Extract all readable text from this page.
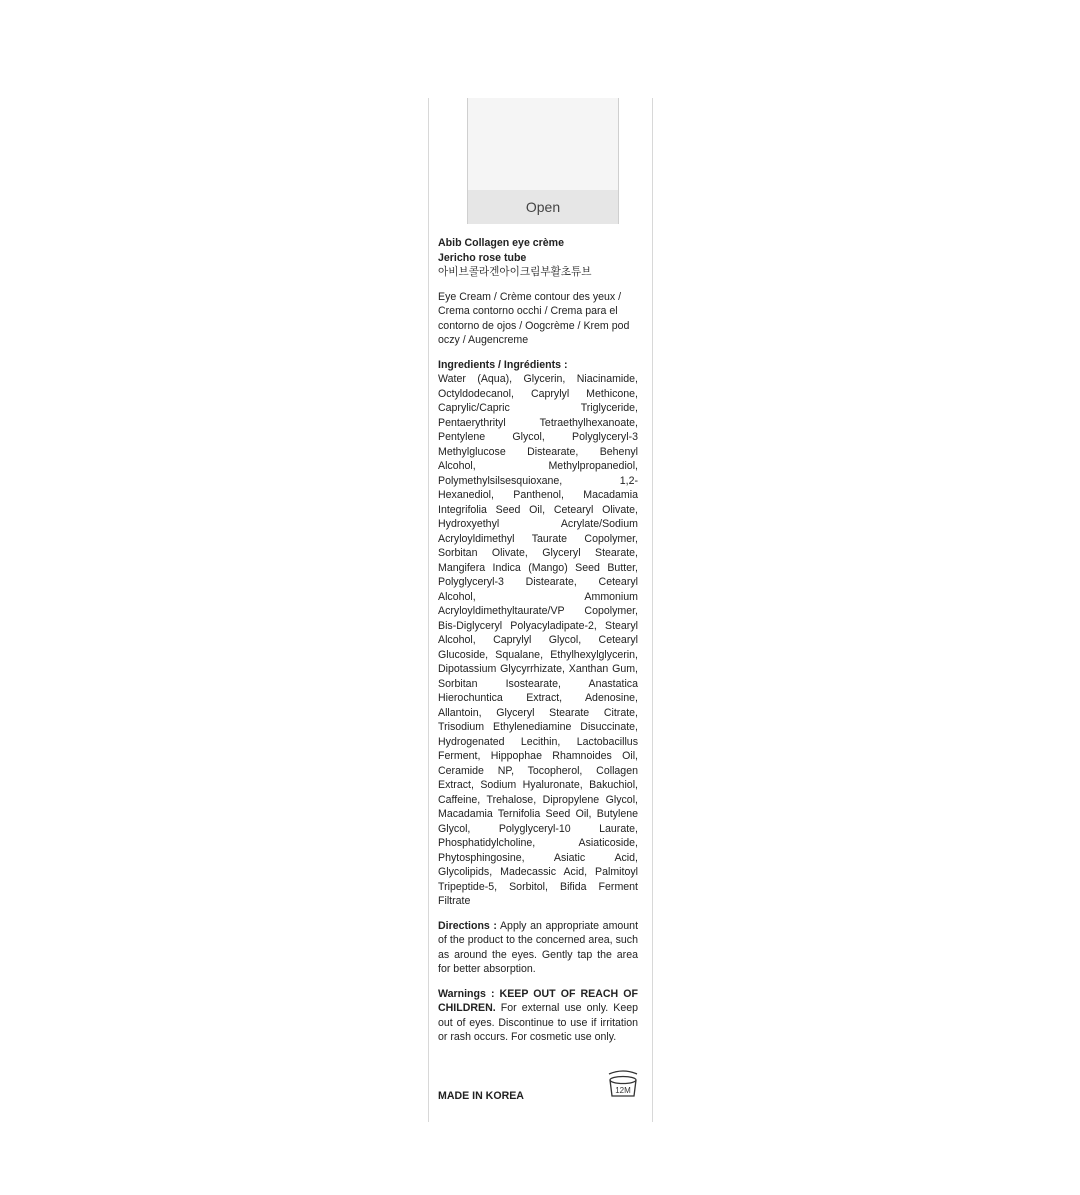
Open

Abib Collagen eye crème
Jericho rose tube
아비브콜라겐아이크림부활초튜브

Eye Cream / Crème contour des yeux / Crema contorno occhi / Crema para el contorno de ojos / Oogcrème / Krem pod oczy / Augencreme

Ingredients / Ingrédients :
Water (Aqua), Glycerin, Niacinamide, Octyldodecanol, Caprylyl Methicone, Caprylic/Capric Triglyceride, Pentaerythrityl Tetraethylhexanoate, Pentylene Glycol, Polyglyceryl-3 Methylglucose Distearate, Behenyl Alcohol, Methylpropanediol, Polymethylsilsesquioxane, 1,2-Hexanediol, Panthenol, Macadamia Integrifolia Seed Oil, Cetearyl Olivate, Hydroxyethyl Acrylate/Sodium Acryloyldimethyl Taurate Copolymer, Sorbitan Olivate, Glyceryl Stearate, Mangifera Indica (Mango) Seed Butter, Polyglyceryl-3 Distearate, Cetearyl Alcohol, Ammonium Acryloyldimethyltaurate/VP Copolymer, Bis-Diglyceryl Polyacyladipate-2, Stearyl Alcohol, Caprylyl Glycol, Cetearyl Glucoside, Squalane, Ethylhexylglycerin, Dipotassium Glycyrrhizate, Xanthan Gum, Sorbitan Isostearate, Anastatica Hierochuntica Extract, Adenosine, Allantoin, Glyceryl Stearate Citrate, Trisodium Ethylenediamine Disuccinate, Hydrogenated Lecithin, Lactobacillus Ferment, Hippophae Rhamnoides Oil, Ceramide NP, Tocopherol, Collagen Extract, Sodium Hyaluronate, Bakuchiol, Caffeine, Trehalose, Dipropylene Glycol, Macadamia Ternifolia Seed Oil, Butylene Glycol, Polyglyceryl-10 Laurate, Phosphatidylcholine, Asiaticoside, Phytosphingosine, Asiatic Acid, Glycolipids, Madecassic Acid, Palmitoyl Tripeptide-5, Sorbitol, Bifida Ferment Filtrate

Directions : Apply an appropriate amount of the product to the concerned area, such as around the eyes. Gently tap the area for better absorption.

Warnings : KEEP OUT OF REACH OF CHILDREN. For external use only. Keep out of eyes. Discontinue to use if irritation or rash occurs. For cosmetic use only.

MADE IN KOREA	12M
